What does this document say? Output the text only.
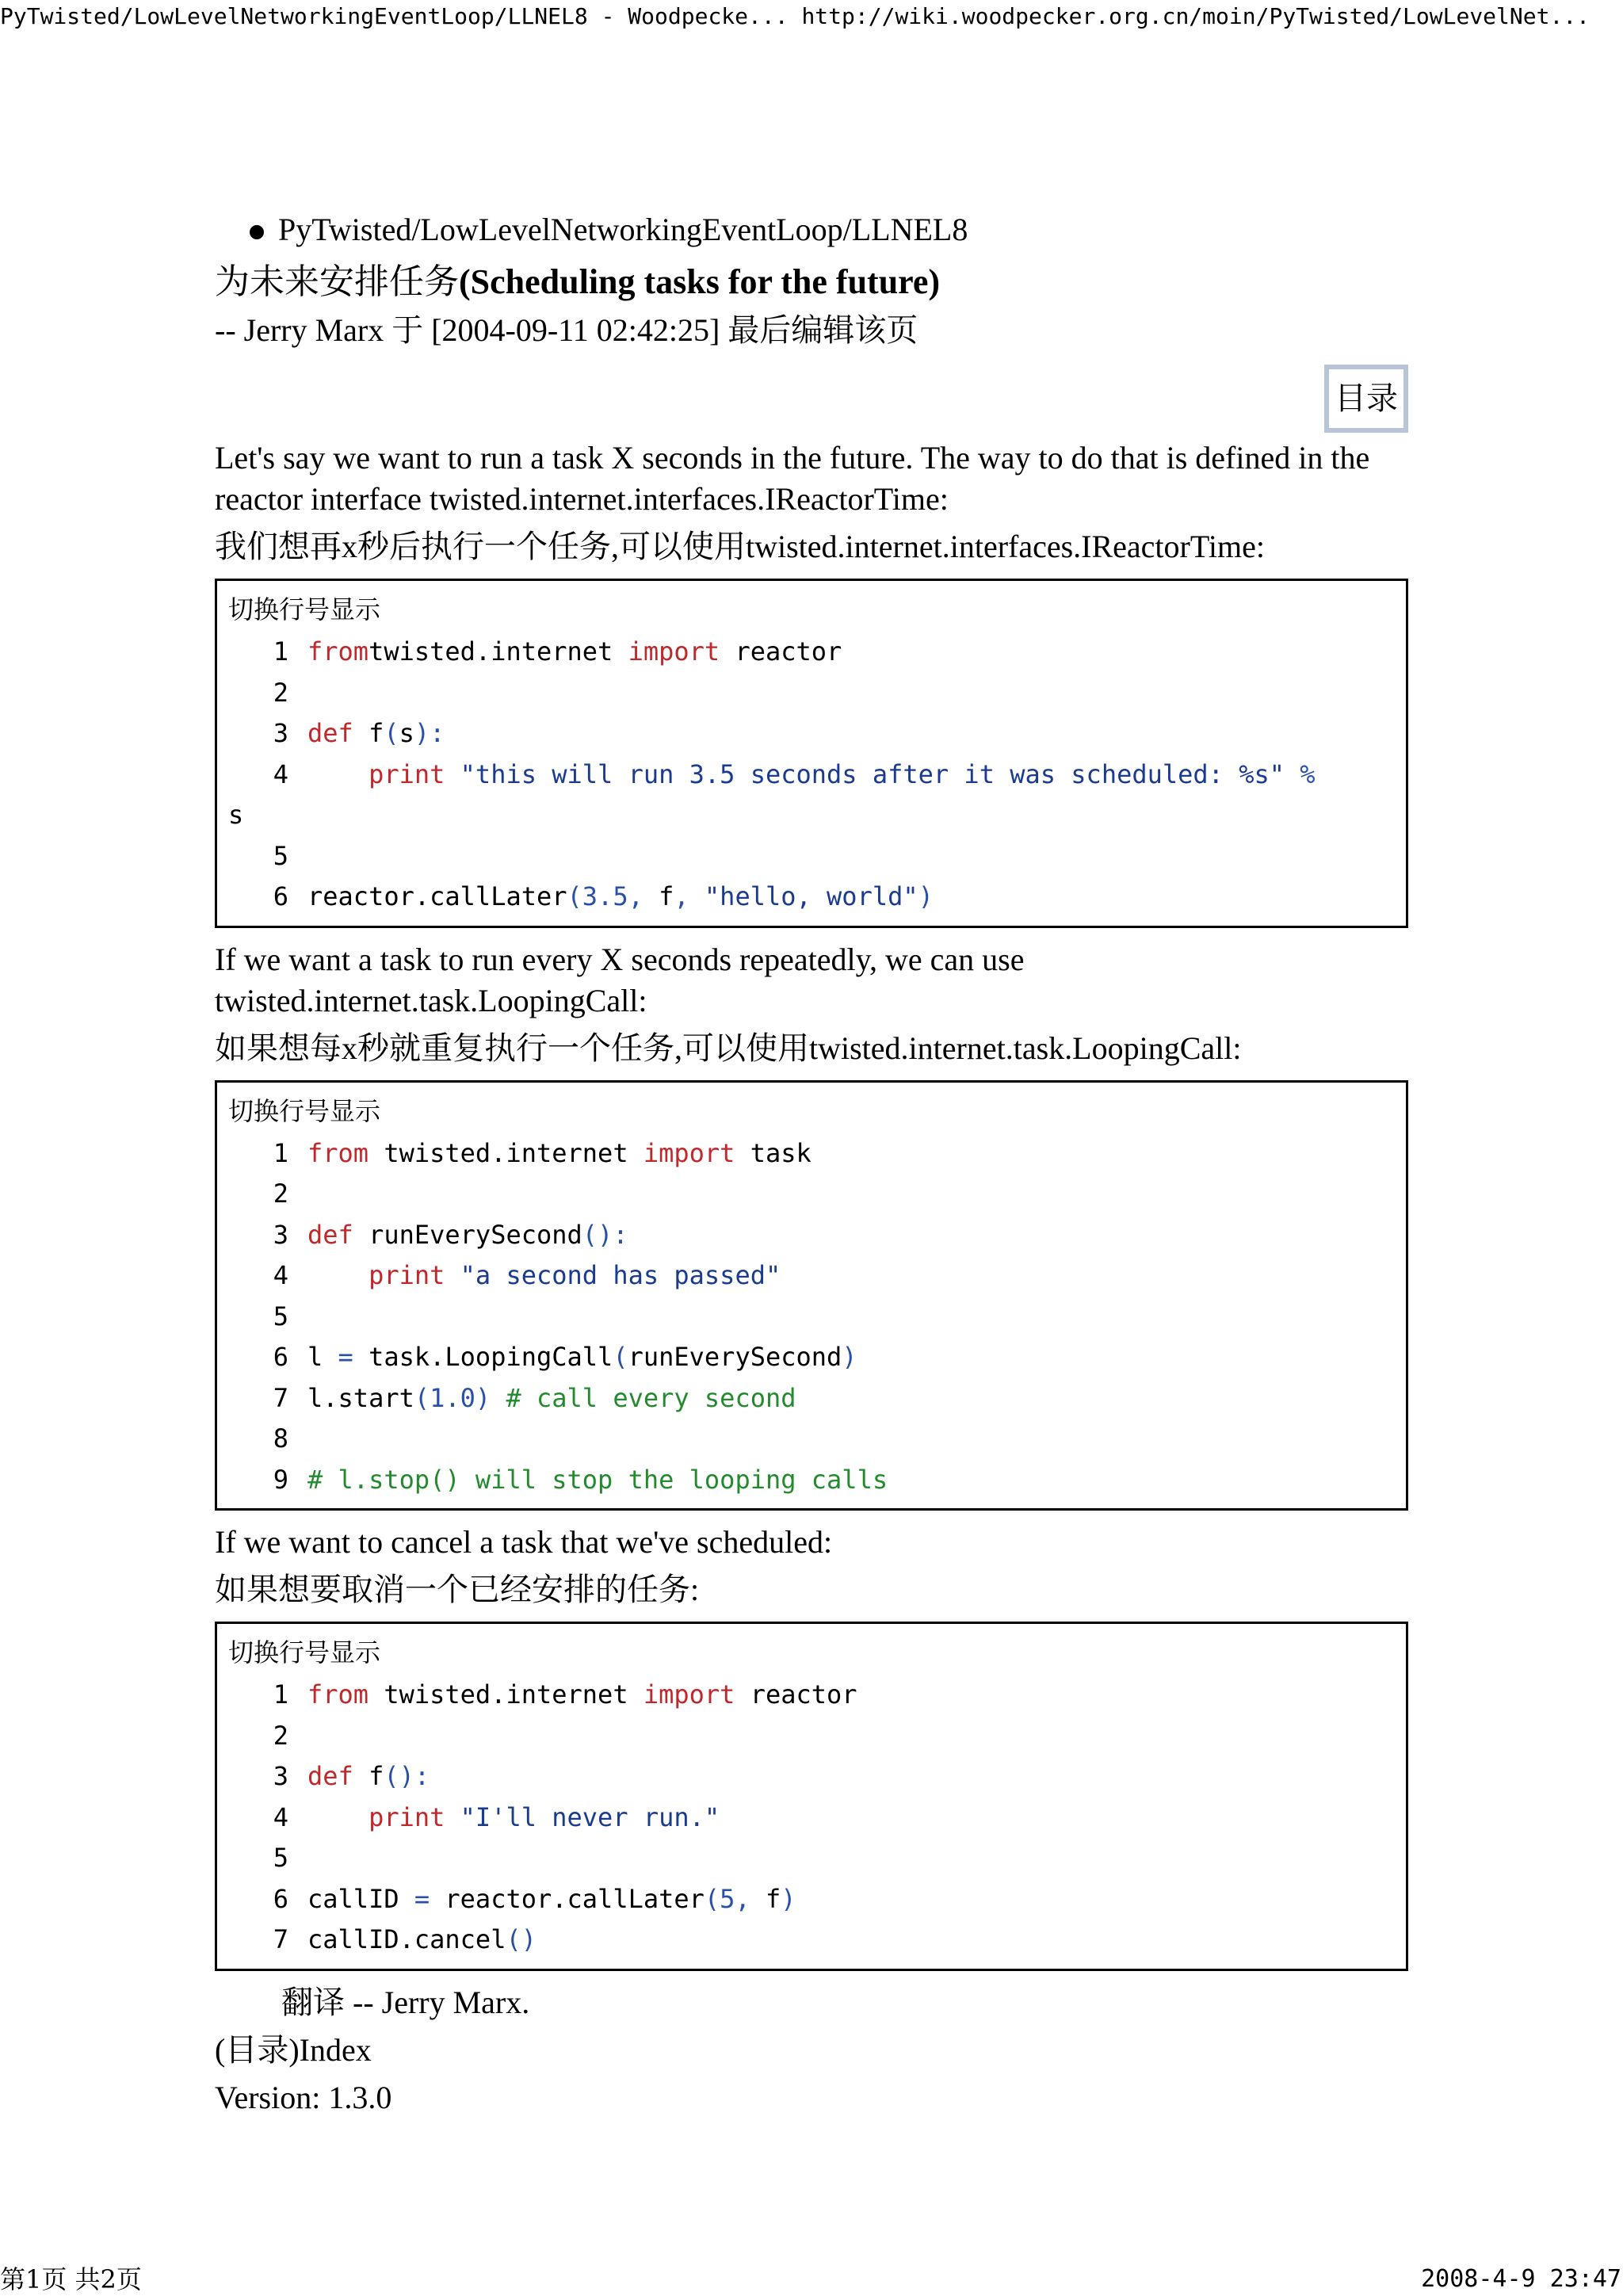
PyTwisted/LowLevelNetworkingEventLoop/LLNEL8 - Woodpecke... http://wiki.woodpecker.org.cn/moin/PyTwisted/LowLevelNet...
PyTwisted/LowLevelNetworkingEventLoop/LLNEL8
为未来安排任务(Scheduling tasks for the future)
-- Jerry Marx 于 [2004-09-11 02:42:25] 最后编辑该页
目录

Let's say we want to run a task X seconds in the future. The way to do that is defined in the reactor interface twisted.internet.interfaces.IReactorTime:

我们想再x秒后执行一个任务,可以使用twisted.internet.interfaces.IReactorTime:

切换行号显示
1 fromtwisted.internet import reactor
2
3 def f(s):
4	print "this will run 3.5 seconds after it was scheduled: %s" %
s
5
6 reactor.callLater(3.5, f, "hello, world")

If we want a task to run every X seconds repeatedly, we can use twisted.internet.task.LoopingCall:

如果想每x秒就重复执行一个任务,可以使用twisted.internet.task.LoopingCall:

切换行号显示
1 from twisted.internet import task
2
3 def runEverySecond():
4	print "a second has passed"
5
6 l = task.LoopingCall(runEverySecond)
7 l.start(1.0) # call every second
8
9 # l.stop() will stop the looping calls

If we want to cancel a task that we've scheduled:

如果想要取消一个已经安排的任务:

切换行号显示
1 from twisted.internet import reactor
2
3 def f():
4	print "I'll never run."
5
6 callID = reactor.callLater(5, f)
7 callID.cancel()

翻译 -- Jerry Marx.

(目录)Index

Version: 1.3.0

第1页 共2页	2008-4-9 23:47
